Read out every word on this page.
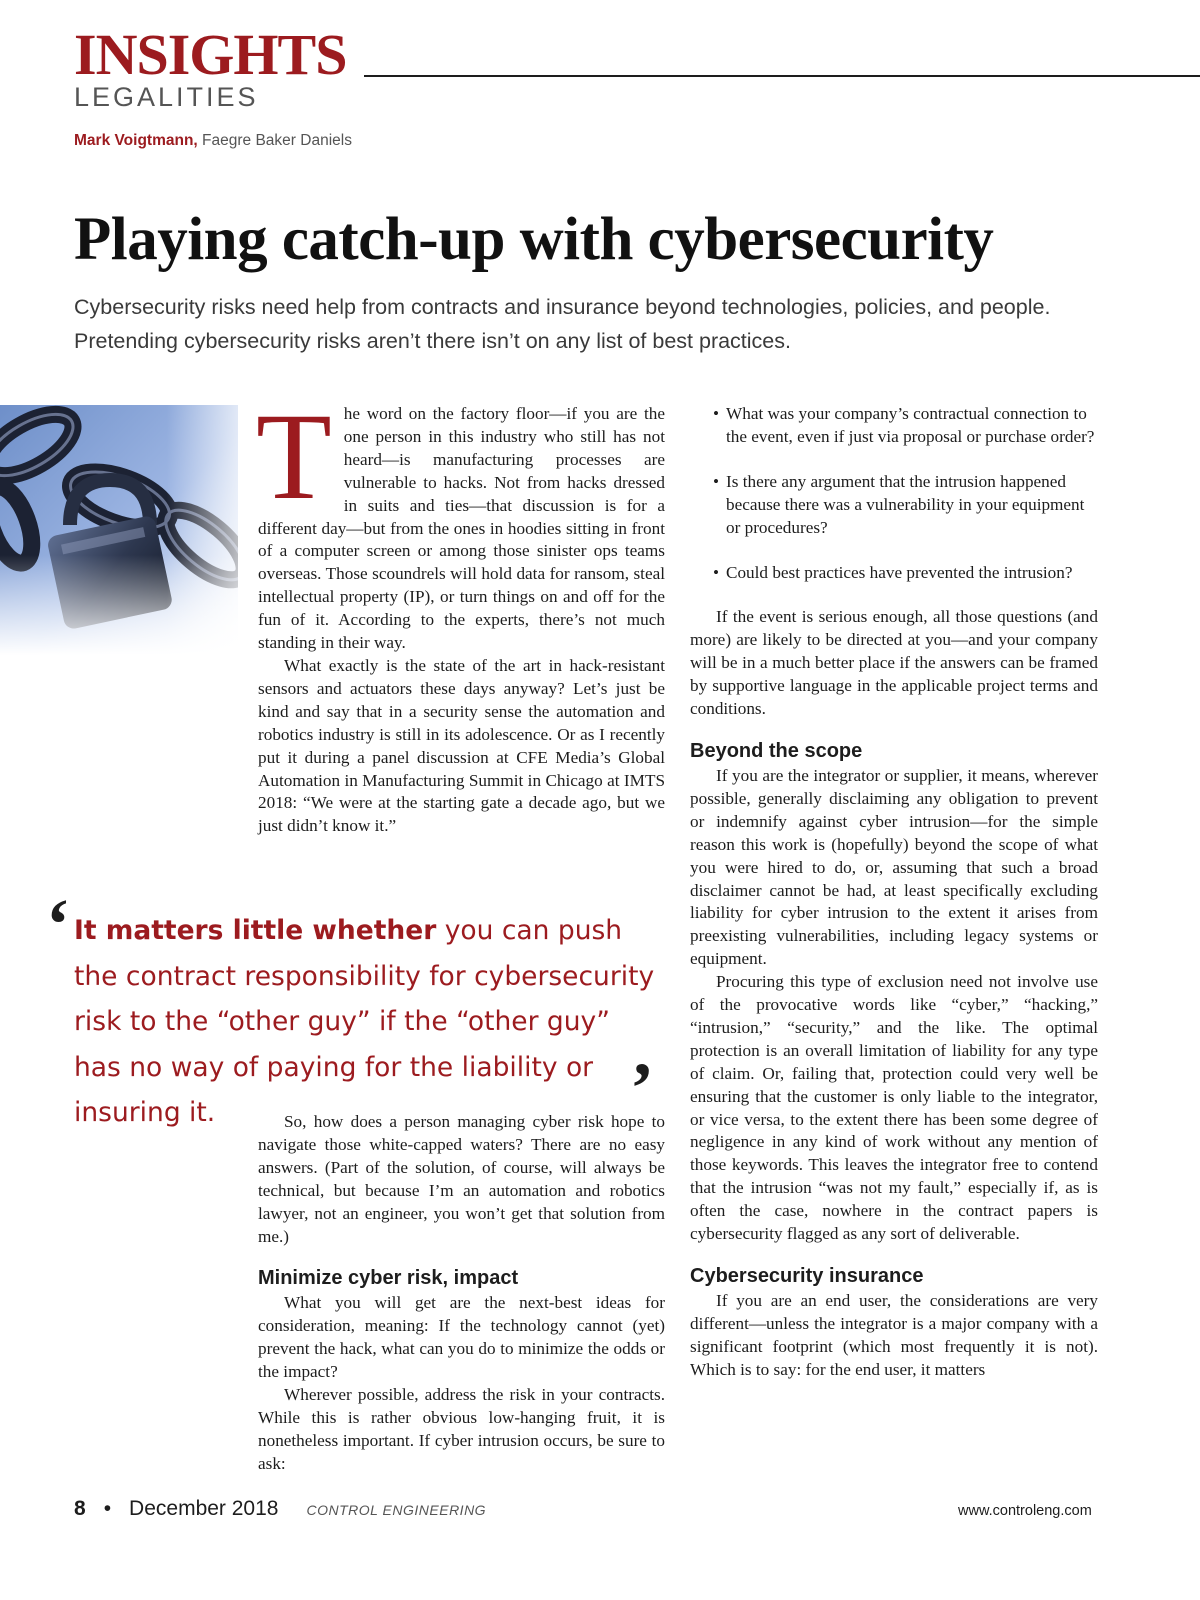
INSIGHTS
LEGALITIES
Mark Voigtmann, Faegre Baker Daniels
Playing catch-up with cybersecurity
Cybersecurity risks need help from contracts and insurance beyond technologies, policies, and people. Pretending cybersecurity risks aren’t there isn’t on any list of best practices.

The word on the factory floor—if you are the one person in this industry who still has not heard—is manufacturing processes are vulnerable to hacks. Not from hacks dressed in suits and ties—that discussion is for a different day—but from the ones in hoodies sitting in front of a computer screen or among those sinister ops teams overseas. Those scoundrels will hold data for ransom, steal intellectual property (IP), or turn things on and off for the fun of it. According to the experts, there’s not much standing in their way.

What exactly is the state of the art in hack-resistant sensors and actuators these days anyway? Let’s just be kind and say that in a security sense the automation and robotics industry is still in its adolescence. Or as I recently put it during a panel discussion at CFE Media’s Global Automation in Manufacturing Summit in Chicago at IMTS 2018: “We were at the starting gate a decade ago, but we just didn’t know it.”

‘ It matters little whether you can push the contract responsibility for cybersecurity risk to the “other guy” if the “other guy” has no way of paying for the liability or insuring it.	’

So, how does a person managing cyber risk hope to navigate those white-capped waters? There are no easy answers. (Part of the solution, of course, will always be technical, but because I’m an automation and robotics lawyer, not an engineer, you won’t get that solution from me.)

Minimize cyber risk, impact

What you will get are the next-best ideas for consideration, meaning: If the technology cannot (yet) prevent the hack, what can you do to minimize the odds or the impact?

Wherever possible, address the risk in your contracts. While this is rather obvious low-hanging fruit, it is nonetheless important. If cyber intrusion occurs, be sure to ask:

• What was your company’s contractual connection to the event, even if just via proposal or purchase order?
• Is there any argument that the intrusion happened because there was a vulnerability in your equipment or procedures?
• Could best practices have prevented the intrusion?

If the event is serious enough, all those questions (and more) are likely to be directed at you—and your company will be in a much better place if the answers can be framed by supportive language in the applicable project terms and conditions.

Beyond the scope

If you are the integrator or supplier, it means, wherever possible, generally disclaiming any obligation to prevent or indemnify against cyber intrusion—for the simple reason this work is (hopefully) beyond the scope of what you were hired to do, or, assuming that such a broad disclaimer cannot be had, at least specifically excluding liability for cyber intrusion to the extent it arises from preexisting vulnerabilities, including legacy systems or equipment.

Procuring this type of exclusion need not involve use of the provocative words like “cyber,” “hacking,” “intrusion,” “security,” and the like. The optimal protection is an overall limitation of liability for any type of claim. Or, failing that, protection could very well be ensuring that the customer is only liable to the integrator, or vice versa, to the extent there has been some degree of negligence in any kind of work without any mention of those keywords. This leaves the integrator free to contend that the intrusion “was not my fault,” especially if, as is often the case, nowhere in the contract papers is cybersecurity flagged as any sort of deliverable.

Cybersecurity insurance

If you are an end user, the considerations are very different—unless the integrator is a major company with a significant footprint (which most frequently it is not). Which is to say: for the end user, it matters

8 • December 2018 CONTROL ENGINEERING	www.controleng.com
